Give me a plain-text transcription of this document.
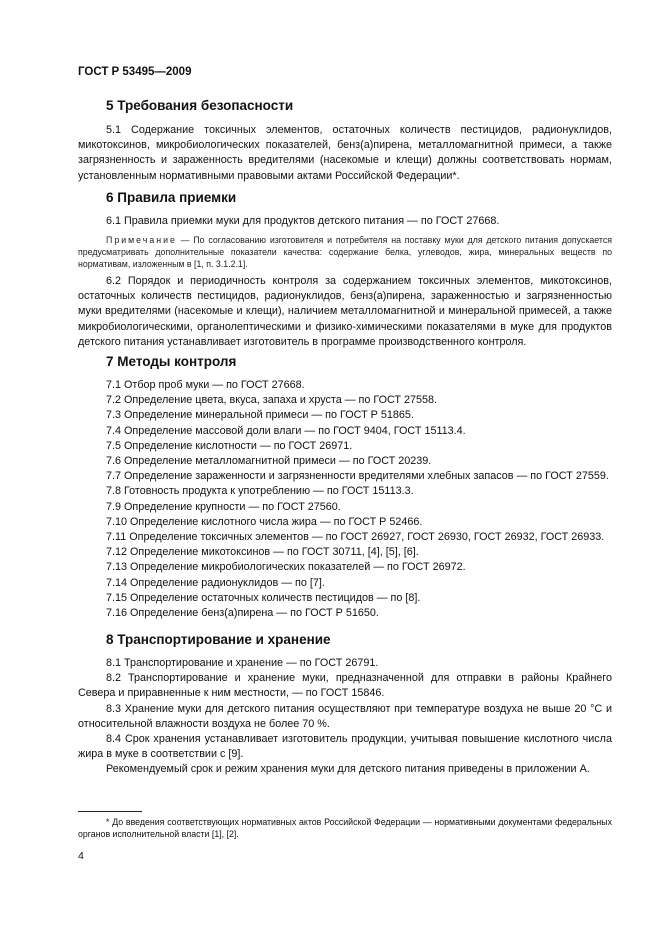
ГОСТ Р 53495—2009
5 Требования безопасности

5.1 Содержание токсичных элементов, остаточных количеств пестицидов, радионуклидов, микотоксинов, микробиологических показателей, бенз(а)пирена, металломагнитной примеси, а также загрязненность и зараженность вредителями (насекомые и клещи) должны соответствовать нормам, установленным нормативными правовыми актами Российской Федерации*.

6 Правила приемки

6.1 Правила приемки муки для продуктов детского питания — по ГОСТ 27668.

Примечание — По согласованию изготовителя и потребителя на поставку муки для детского питания допускается предусматривать дополнительные показатели качества: содержание белка, углеводов, жира, минеральных веществ по нормативам, изложенным в [1, п. 3.1.2.1].

6.2 Порядок и периодичность контроля за содержанием токсичных элементов, микотоксинов, остаточных количеств пестицидов, радионуклидов, бенз(а)пирена, зараженностью и загрязненностью муки вредителями (насекомые и клещи), наличием металломагнитной и минеральной примесей, а также микробиологическими, органолептическими и физико-химическими показателями в муке для продуктов детского питания устанавливает изготовитель в программе производственного контроля.

7 Методы контроля

7.1 Отбор проб муки — по ГОСТ 27668.

7.2 Определение цвета, вкуса, запаха и хруста — по ГОСТ 27558.

7.3 Определение минеральной примеси — по ГОСТ Р 51865.

7.4 Определение массовой доли влаги — по ГОСТ 9404, ГОСТ 15113.4.

7.5 Определение кислотности — по ГОСТ 26971.

7.6 Определение металломагнитной примеси — по ГОСТ 20239.

7.7 Определение зараженности и загрязненности вредителями хлебных запасов — по ГОСТ 27559.

7.8 Готовность продукта к употреблению — по ГОСТ 15113.3.

7.9 Определение крупности — по ГОСТ 27560.

7.10 Определение кислотного числа жира — по ГОСТ Р 52466.

7.11 Определение токсичных элементов — по ГОСТ 26927, ГОСТ 26930, ГОСТ 26932, ГОСТ 26933.

7.12 Определение микотоксинов — по ГОСТ 30711, [4], [5], [6].

7.13 Определение микробиологических показателей — по ГОСТ 26972.

7.14 Определение радионуклидов — по [7].

7.15 Определение остаточных количеств пестицидов — по [8].

7.16 Определение бенз(а)пирена — по ГОСТ Р 51650.

8 Транспортирование и хранение

8.1 Транспортирование и хранение — по ГОСТ 26791.

8.2 Транспортирование и хранение муки, предназначенной для отправки в районы Крайнего Севера и приравненные к ним местности, — по ГОСТ 15846.

8.3 Хранение муки для детского питания осуществляют при температуре воздуха не выше 20 °С и относительной влажности воздуха не более 70 %.

8.4 Срок хранения устанавливает изготовитель продукции, учитывая повышение кислотного числа жира в муке в соответствии с [9].

Рекомендуемый срок и режим хранения муки для детского питания приведены в приложении А.

* До введения соответствующих нормативных актов Российской Федерации — нормативными документами федеральных органов исполнительной власти [1], [2].

4
